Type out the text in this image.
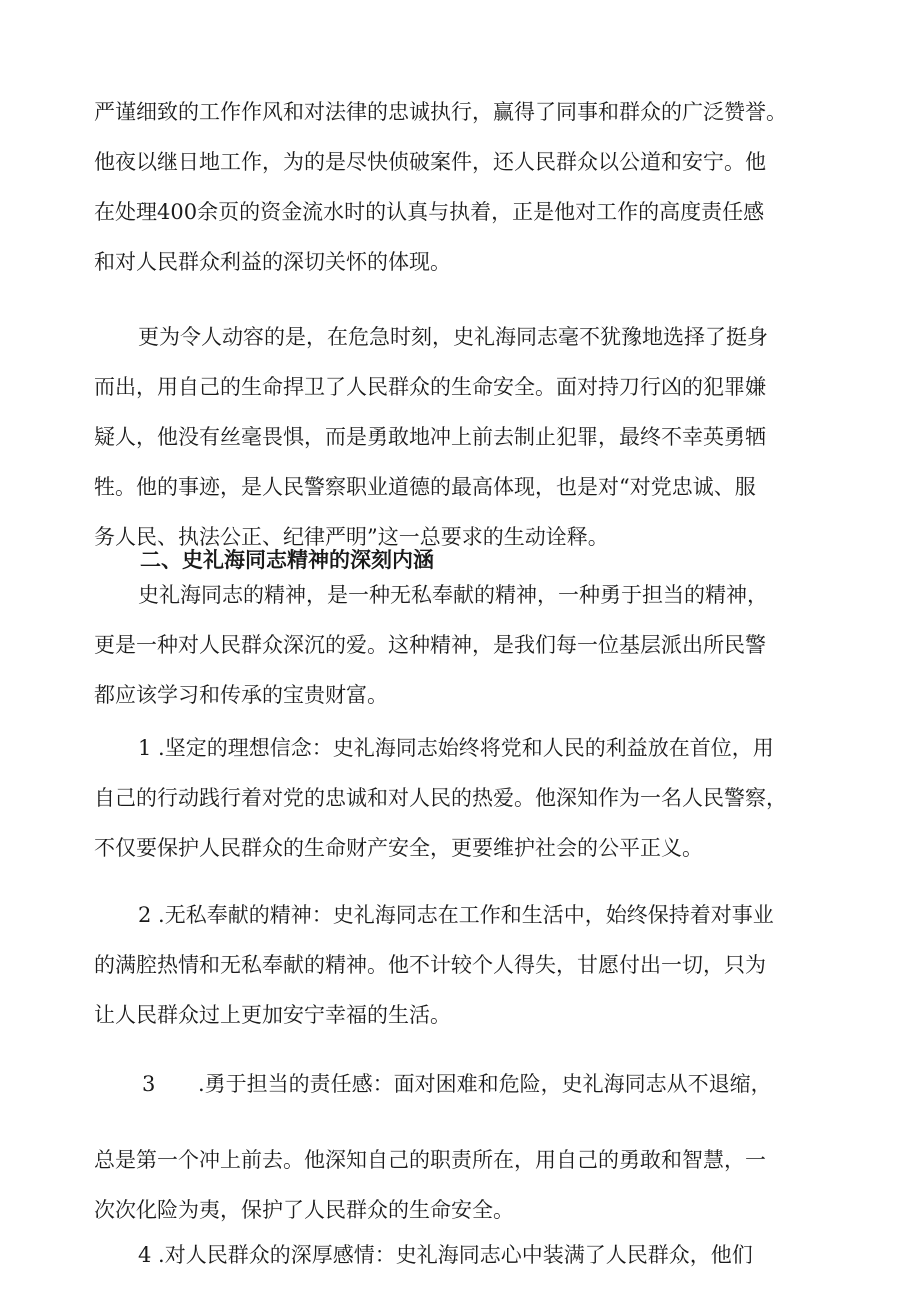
严谨细致的工作作风和对法律的忠诚执行，赢得了同事和群众的广泛赞誉。

他夜以继日地工作，为的是尽快侦破案件，还人民群众以公道和安宁。他

在处理400余页的资金流水时的认真与执着，正是他对工作的高度责任感

和对人民群众利益的深切关怀的体现。

更为令人动容的是，在危急时刻，史礼海同志毫不犹豫地选择了挺身

而出，用自己的生命捍卫了人民群众的生命安全。面对持刀行凶的犯罪嫌

疑人，他没有丝毫畏惧，而是勇敢地冲上前去制止犯罪，最终不幸英勇牺

牲。他的事迹，是人民警察职业道德的最高体现，也是对“对党忠诚、服

务人民、执法公正、纪律严明”这一总要求的生动诠释。

二、史礼海同志精神的深刻内涵

史礼海同志的精神，是一种无私奉献的精神，一种勇于担当的精神，

更是一种对人民群众深沉的爱。这种精神，是我们每一位基层派出所民警

都应该学习和传承的宝贵财富。

1 .坚定的理想信念：史礼海同志始终将党和人民的利益放在首位，用

自己的行动践行着对党的忠诚和对人民的热爱。他深知作为一名人民警察，

不仅要保护人民群众的生命财产安全，更要维护社会的公平正义。

2 .无私奉献的精神：史礼海同志在工作和生活中，始终保持着对事业

的满腔热情和无私奉献的精神。他不计较个人得失，甘愿付出一切，只为

让人民群众过上更加安宁幸福的生活。

3 .勇于担当的责任感：面对困难和危险，史礼海同志从不退缩，

总是第一个冲上前去。他深知自己的职责所在，用自己的勇敢和智慧，一

次次化险为夷，保护了人民群众的生命安全。

4 .对人民群众的深厚感情：史礼海同志心中装满了人民群众，他们
